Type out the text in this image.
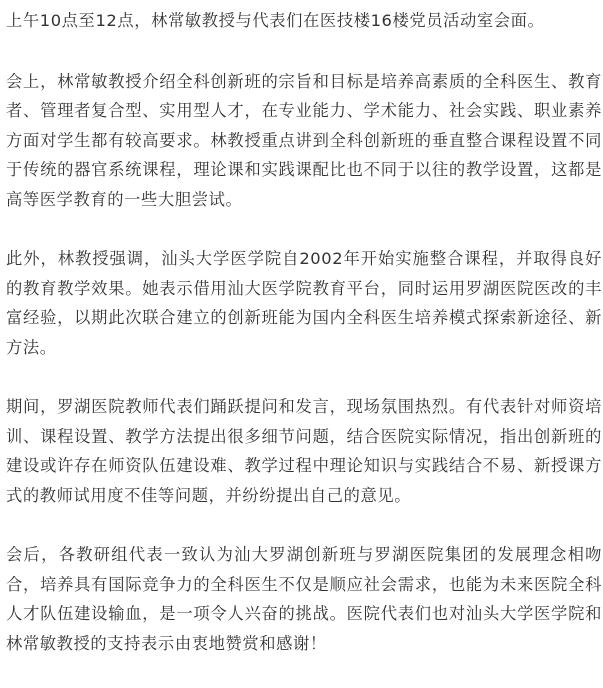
上午10点至12点，林常敏教授与代表们在医技楼16楼党员活动室会面。

会上，林常敏教授介绍全科创新班的宗旨和目标是培养高素质的全科医生、教育者、管理者复合型、实用型人才，在专业能力、学术能力、社会实践、职业素养方面对学生都有较高要求。林教授重点讲到全科创新班的垂直整合课程设置不同于传统的器官系统课程，理论课和实践课配比也不同于以往的教学设置，这都是高等医学教育的一些大胆尝试。

此外，林教授强调，汕头大学医学院自2002年开始实施整合课程，并取得良好的教育教学效果。她表示借用汕大医学院教育平台，同时运用罗湖医院医改的丰富经验，以期此次联合建立的创新班能为国内全科医生培养模式探索新途径、新方法。

期间，罗湖医院教师代表们踊跃提问和发言，现场氛围热烈。有代表针对师资培训、课程设置、教学方法提出很多细节问题，结合医院实际情况，指出创新班的建设或许存在师资队伍建设难、教学过程中理论知识与实践结合不易、新授课方式的教师试用度不佳等问题，并纷纷提出自己的意见。

会后，各教研组代表一致认为汕大罗湖创新班与罗湖医院集团的发展理念相吻合，培养具有国际竞争力的全科医生不仅是顺应社会需求，也能为未来医院全科人才队伍建设输血，是一项令人兴奋的挑战。医院代表们也对汕头大学医学院和林常敏教授的支持表示由衷地赞赏和感谢！
